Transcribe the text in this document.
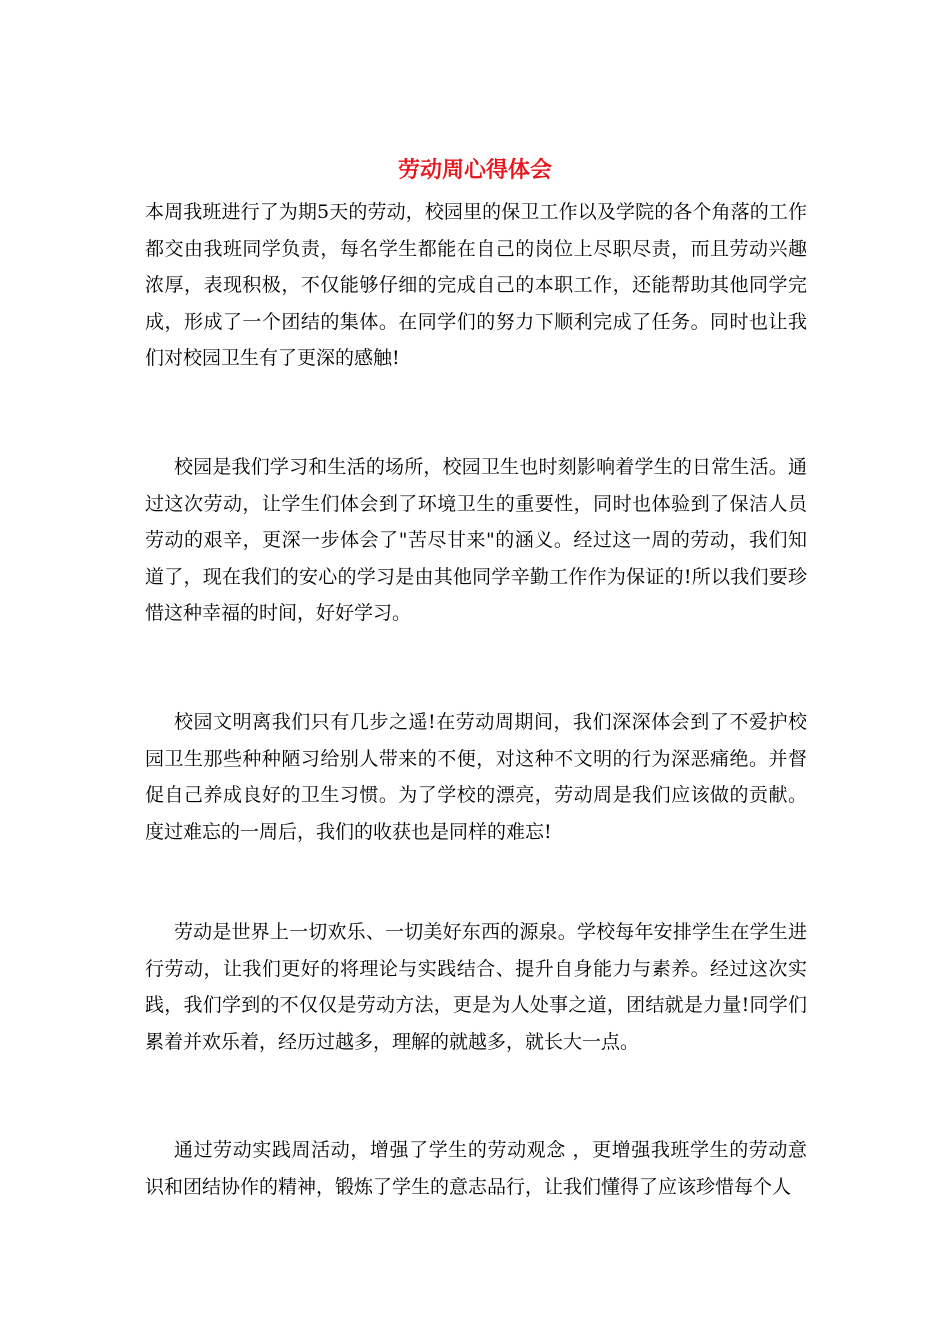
劳动周心得体会

本周我班进行了为期5天的劳动，校园里的保卫工作以及学院的各个角落的工作都交由我班同学负责，每名学生都能在自己的岗位上尽职尽责，而且劳动兴趣浓厚，表现积极，不仅能够仔细的完成自己的本职工作，还能帮助其他同学完成，形成了一个团结的集体。在同学们的努力下顺利完成了任务。同时也让我们对校园卫生有了更深的感触!

校园是我们学习和生活的场所，校园卫生也时刻影响着学生的日常生活。通过这次劳动，让学生们体会到了环境卫生的重要性，同时也体验到了保洁人员劳动的艰辛，更深一步体会了"苦尽甘来"的涵义。经过这一周的劳动，我们知道了，现在我们的安心的学习是由其他同学辛勤工作作为保证的!所以我们要珍惜这种幸福的时间，好好学习。

校园文明离我们只有几步之遥!在劳动周期间，我们深深体会到了不爱护校园卫生那些种种陋习给别人带来的不便，对这种不文明的行为深恶痛绝。并督促自己养成良好的卫生习惯。为了学校的漂亮，劳动周是我们应该做的贡献。度过难忘的一周后，我们的收获也是同样的难忘!

劳动是世界上一切欢乐、一切美好东西的源泉。学校每年安排学生在学生进行劳动，让我们更好的将理论与实践结合、提升自身能力与素养。经过这次实践，我们学到的不仅仅是劳动方法，更是为人处事之道，团结就是力量!同学们累着并欢乐着，经历过越多，理解的就越多，就长大一点。

通过劳动实践周活动，增强了学生的劳动观念 ，更增强我班学生的劳动意识和团结协作的精神，锻炼了学生的意志品行，让我们懂得了应该珍惜每个人
